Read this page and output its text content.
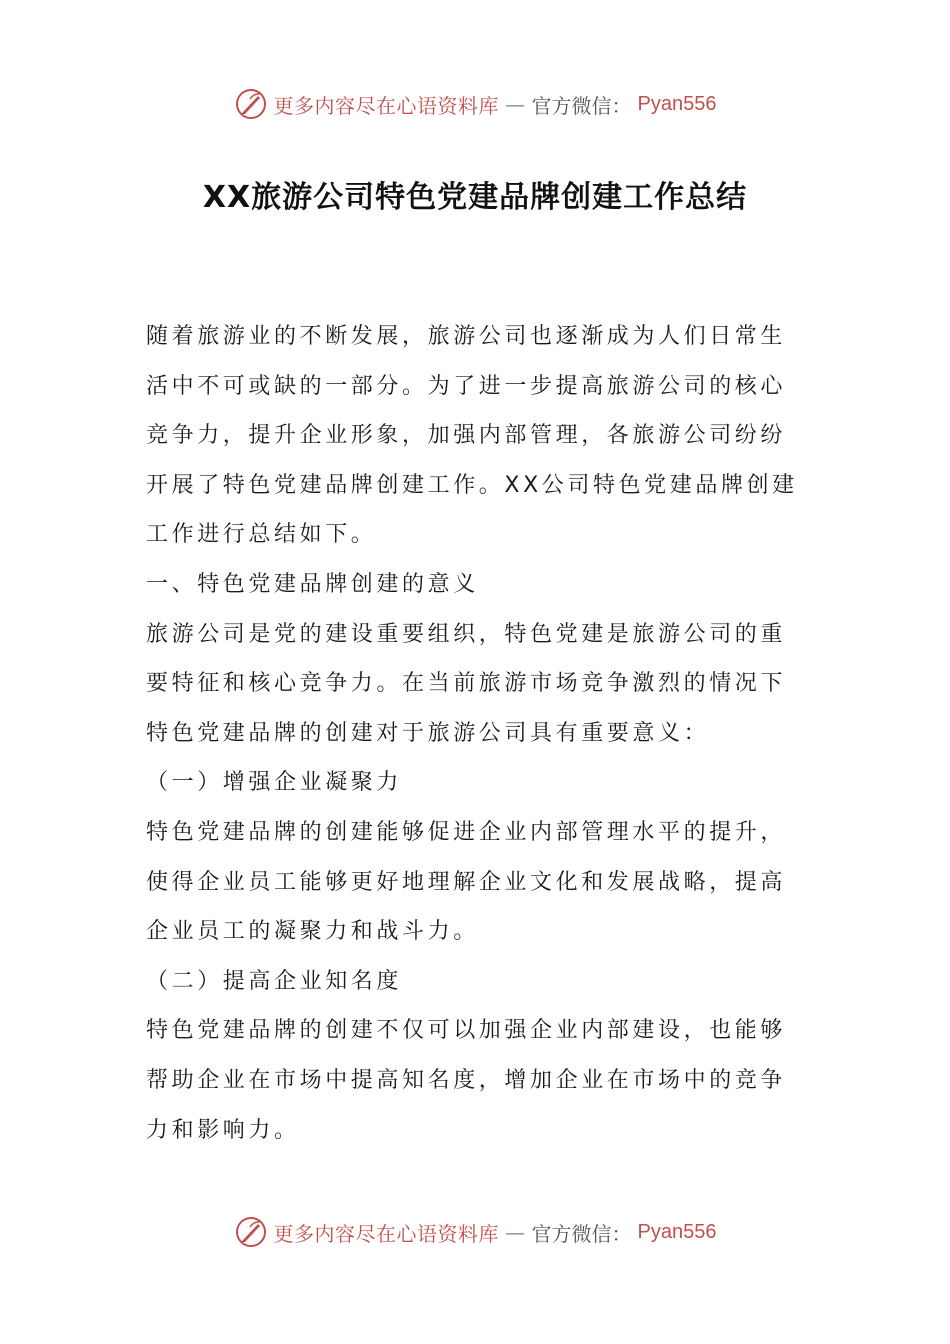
更多内容尽在心语资料库 — 官方微信： Pyan556
XX旅游公司特色党建品牌创建工作总结
随着旅游业的不断发展，旅游公司也逐渐成为人们日常生
活中不可或缺的一部分。为了进一步提高旅游公司的核心
竞争力，提升企业形象，加强内部管理，各旅游公司纷纷
开展了特色党建品牌创建工作。XX公司特色党建品牌创建
工作进行总结如下。
一、特色党建品牌创建的意义
旅游公司是党的建设重要组织，特色党建是旅游公司的重
要特征和核心竞争力。在当前旅游市场竞争激烈的情况下
特色党建品牌的创建对于旅游公司具有重要意义：
（一）增强企业凝聚力
特色党建品牌的创建能够促进企业内部管理水平的提升，
使得企业员工能够更好地理解企业文化和发展战略，提高
企业员工的凝聚力和战斗力。
（二）提高企业知名度
特色党建品牌的创建不仅可以加强企业内部建设，也能够
帮助企业在市场中提高知名度，增加企业在市场中的竞争
力和影响力。
更多内容尽在心语资料库 — 官方微信： Pyan556
